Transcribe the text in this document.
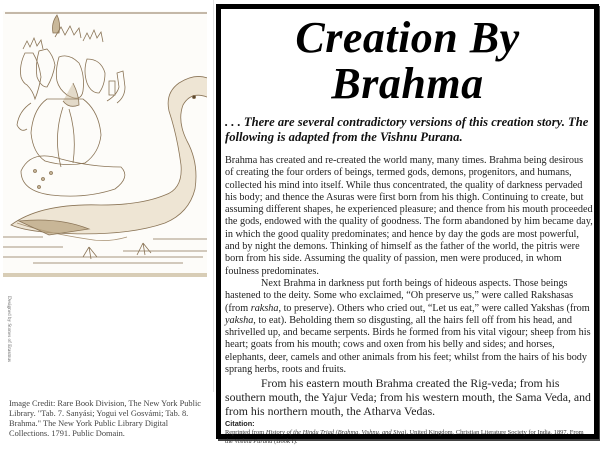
Designed by Stones of Erasmus
Image Credit: Rare Book Division, The New York Public Library. "Tab. 7. Sanyási; Yogui vel Gosvámi; Tab. 8. Brahma." The New York Public Library Digital Collections. 1791. Public Domain.
Creation By
Brahma
. . . There are several contradictory versions of this creation story. The following is adapted from the Vishnu Purana.

Brahma has created and re-created the world many, many times. Brahma being desirous of creating the four orders of beings, termed gods, demons, progenitors, and humans, collected his mind into itself. While thus concentrated, the quality of darkness pervaded his body; and thence the Asuras were first born from his thigh. Continuing to create, but assuming different shapes, he experienced pleasure; and thence from his mouth proceeded the gods, endowed with the quality of goodness. The form abandoned by him became day, in which the good quality predominates; and hence by day the gods are most powerful, and by night the demons. Thinking of himself as the father of the world, the pitris were born from his side. Assuming the quality of passion, men were produced, in whom foulness predominates.

Next Brahma in darkness put forth beings of hideous aspects. Those beings hastened to the deity. Some who exclaimed, “Oh preserve us,” were called Rakshasas (from raksha, to preserve). Others who cried out, “Let us eat,” were called Yakshas (from yaksha, to eat). Beholding them so disgusting, all the hairs fell off from his head, and shrivelled up, and became serpents. Birds he formed from his vital vigour; sheep from his heart; goats from his mouth; cows and oxen from his belly and sides; and horses, elephants, deer, camels and other animals from his feet; whilst from the hairs of his body sprang herbs, roots and fruits.

From his eastern mouth Brahma created the Rig-veda; from his southern mouth, the Yajur Veda; from his western mouth, the Sama Veda, and from his northern mouth, the Atharva Vedas.

Citation:
Reprinted from History of the Hindu Triad (Brahma, Vishnu, and Siva). United Kingdom, Christian Literature Society for India, 1897. From the Vishnu Purana (Book I).
